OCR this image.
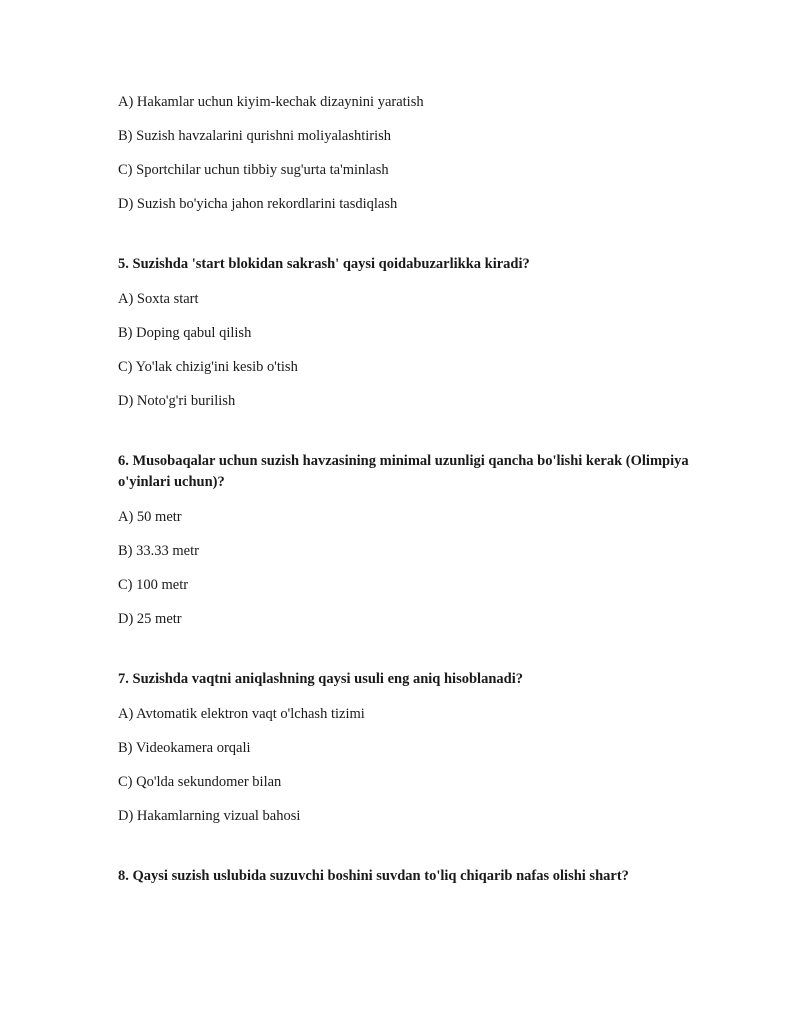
A) Hakamlar uchun kiyim-kechak dizaynini yaratish
B) Suzish havzalarini qurishni moliyalashtirish
C) Sportchilar uchun tibbiy sug'urta ta'minlash
D) Suzish bo'yicha jahon rekordlarini tasdiqlash
5. Suzishda 'start blokidan sakrash' qaysi qoidabuzarlikka kiradi?
A) Soxta start
B) Doping qabul qilish
C) Yo'lak chizig'ini kesib o'tish
D) Noto'g'ri burilish
6. Musobaqalar uchun suzish havzasining minimal uzunligi qancha bo'lishi kerak (Olimpiya o'yinlari uchun)?
A) 50 metr
B) 33.33 metr
C) 100 metr
D) 25 metr
7. Suzishda vaqtni aniqlashning qaysi usuli eng aniq hisoblanadi?
A) Avtomatik elektron vaqt o'lchash tizimi
B) Videokamera orqali
C) Qo'lda sekundomer bilan
D) Hakamlarning vizual bahosi
8. Qaysi suzish uslubida suzuvchi boshini suvdan to'liq chiqarib nafas olishi shart?
